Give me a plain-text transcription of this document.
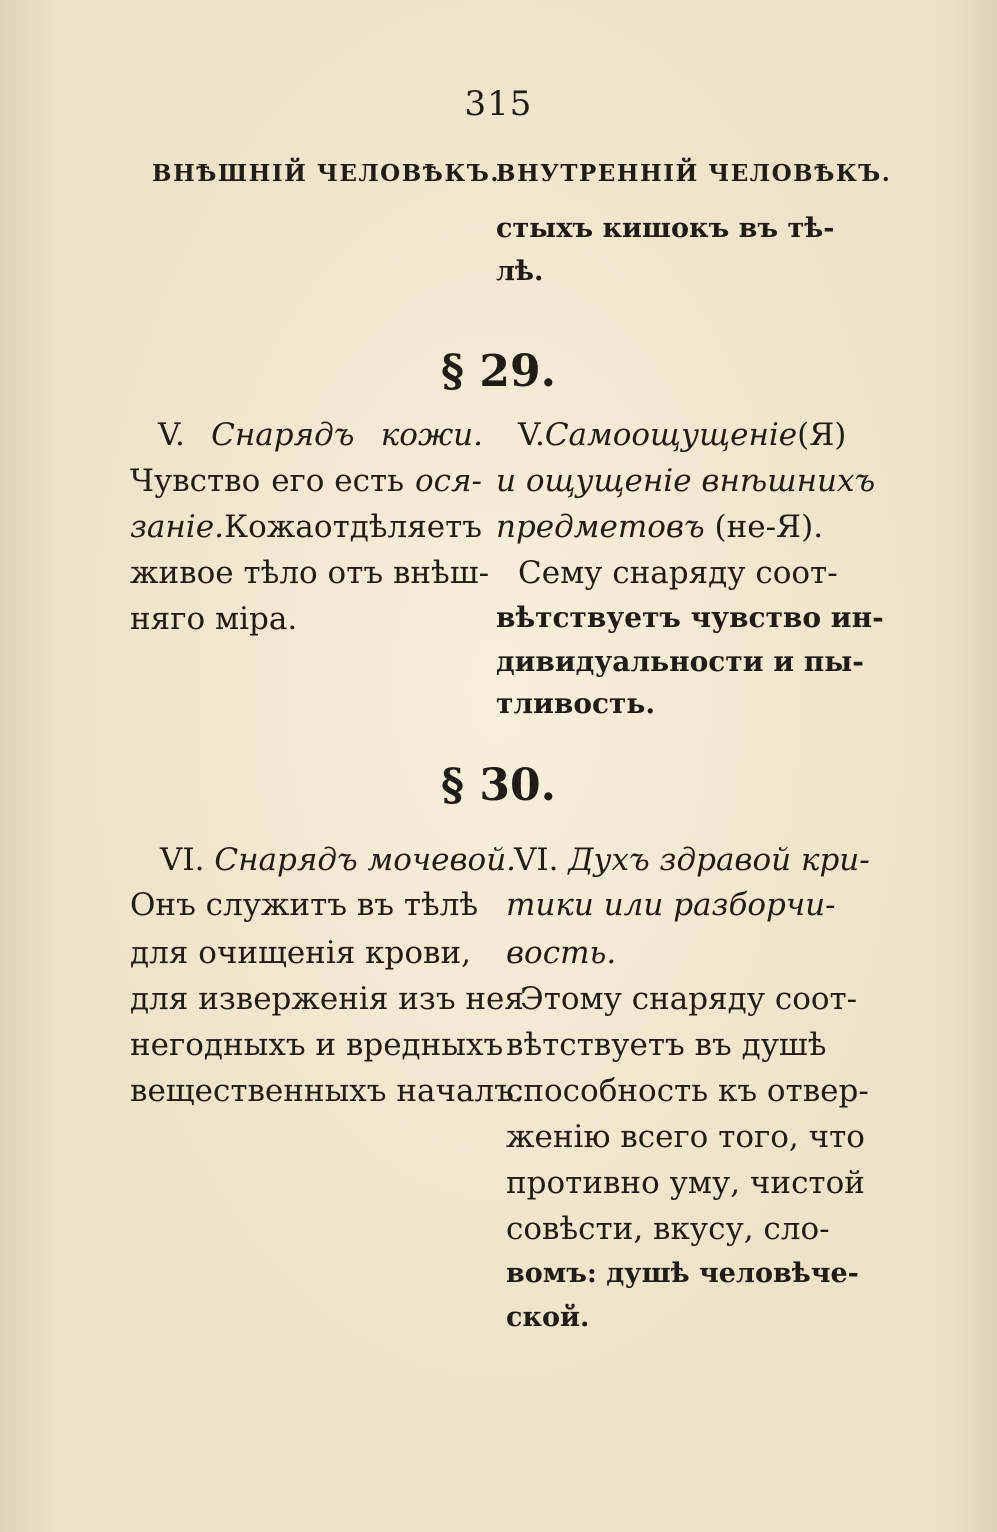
315
ВНѢШНІЙ ЧЕЛОВѢКЪ.
ВНУТРЕННІЙ ЧЕЛОВѢКЪ.
стыхъ кишокъ въ тѣ-
лѣ.
§ 29.
V. Снарядъ кожи.
Чувство его есть ося-
занie. Кожа отдѣляетъ
живое тѣло отъ внѣш-
няго міра.
V. Самоощущенie (Я)
и ощущенie внѣшнихъ
предметовъ (не-Я).
Сему снаряду соот-
вѣтствуетъ чувство ин-
дивидуальности и пы-
тливость.
§ 30.
VI. Снарядъ мочевой.
Онъ служитъ въ тѣлѣ
для очищенія крови,
для изверженія изъ нея
негодныхъ и вредныхъ
вещественныхъ началъ.
VI. Духъ здравой кри-
тики или разборчи-
вость.
Этому снаряду соот-
вѣтствуетъ въ душѣ
способность къ отвер-
женію всего того, что
противно уму, чистой
совѣсти, вкусу, сло-
вомъ: душѣ человѣче-
ской.
